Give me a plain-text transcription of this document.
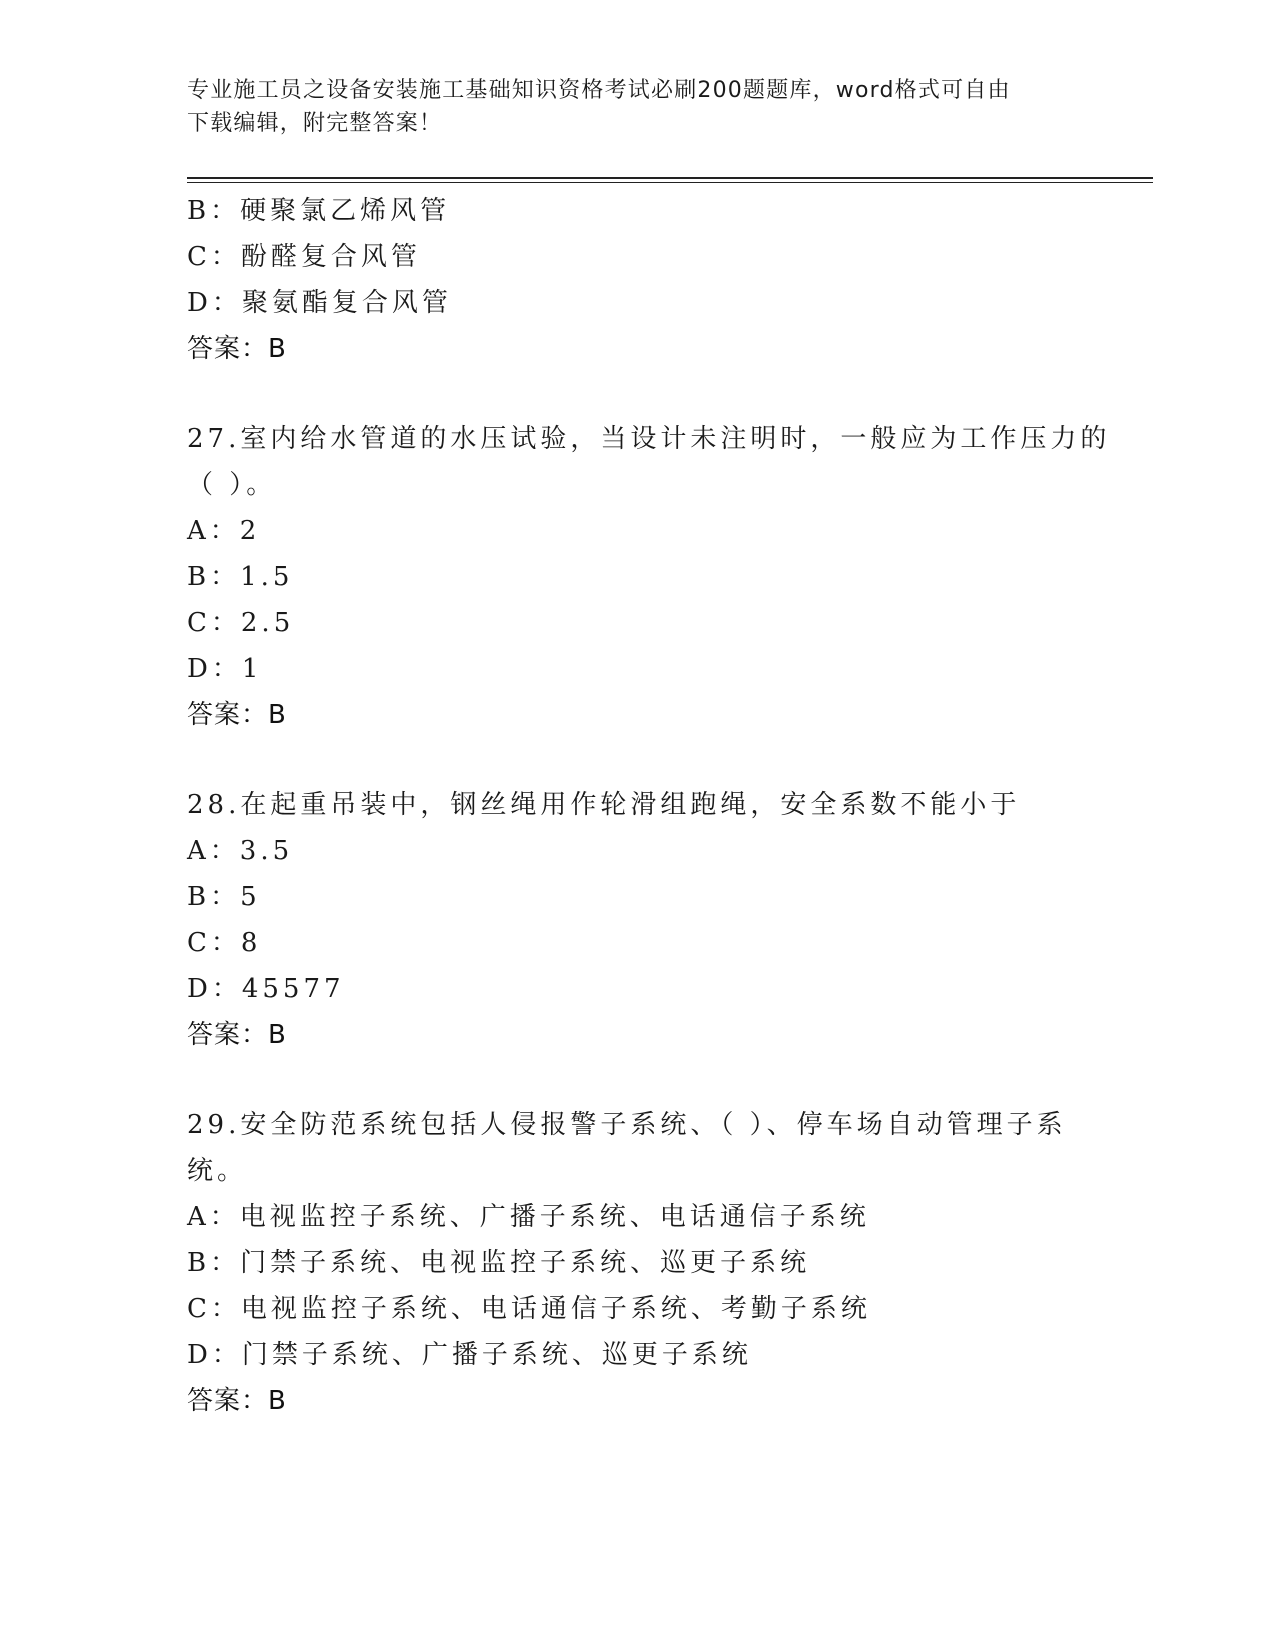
专业施工员之设备安装施工基础知识资格考试必刷200题题库，word格式可自由
下载编辑，附完整答案！
B：硬聚氯乙烯风管
C：酚醛复合风管
D：聚氨酯复合风管
答案：B
27.室内给水管道的水压试验，当设计未注明时，一般应为工作压力的
（ ）。
A：2
B：1.5
C：2.5
D：1
答案：B
28.在起重吊装中，钢丝绳用作轮滑组跑绳，安全系数不能小于
A：3.5
B：5
C：8
D：45577
答案：B
29.安全防范系统包括人侵报警子系统、（ ）、停车场自动管理子系
统。
A：电视监控子系统、广播子系统、电话通信子系统
B：门禁子系统、电视监控子系统、巡更子系统
C：电视监控子系统、电话通信子系统、考勤子系统
D：门禁子系统、广播子系统、巡更子系统
答案：B
